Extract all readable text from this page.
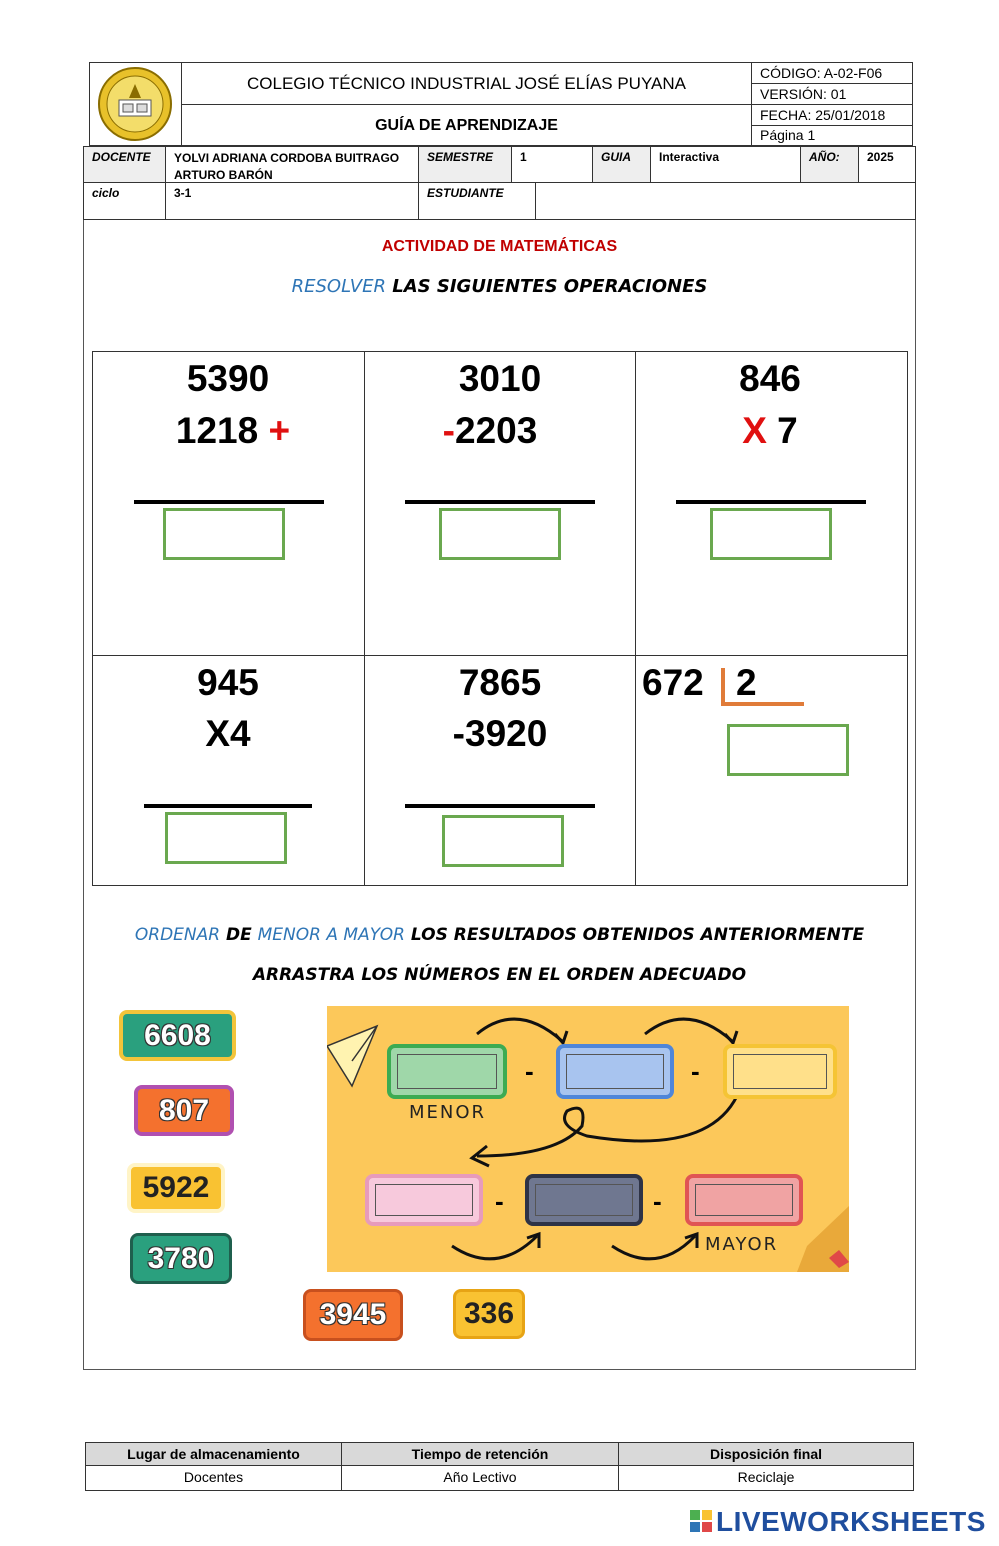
COLEGIO TÉCNICO INDUSTRIAL JOSÉ ELÍAS PUYANA
GUÍA DE APRENDIZAJE
CÓDIGO: A-02-F06
VERSIÓN: 01
FECHA: 25/01/2018
Página 1
DOCENTE	YOLVI ADRIANA CORDOBA BUITRAGO
ARTURO BARÓN
SEMESTRE	1	GUIA	Interactiva	AÑO:	2025
ciclo	3-1	ESTUDIANTE
ACTIVIDAD DE MATEMÁTICAS
RESOLVER LAS SIGUIENTES OPERACIONES
5390
1218 +
3010
-2203
846
X 7
945
X4
7865
-3920
672 2
ORDENAR DE MENOR A MAYOR LOS RESULTADOS OBTENIDOS ANTERIORMENTE
ARRASTRA LOS NÚMEROS EN EL ORDEN ADECUADO
-	-
MENOR
-	-
MAYOR
6608
807
5922
3780
3945	336
Lugar de almacenamiento	Tiempo de retención	Disposición final
Docentes	Año Lectivo	Reciclaje
LIVEWORKSHEETS
